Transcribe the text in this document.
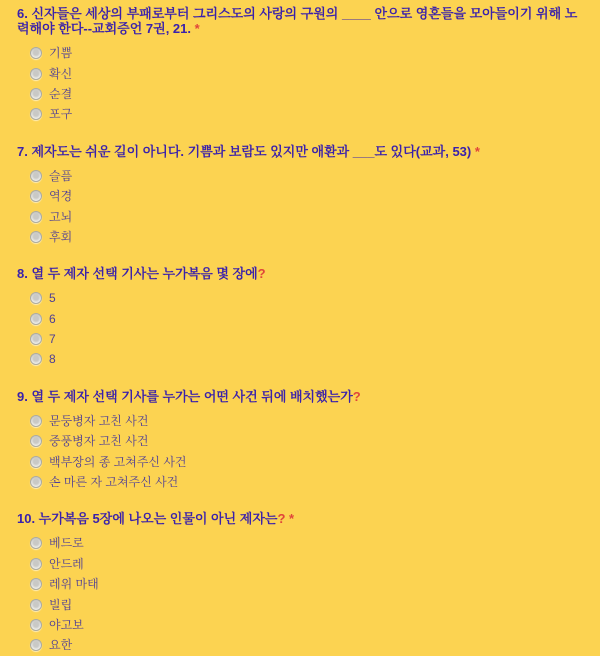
6. 신자들은 세상의 부패로부터 그리스도의 사랑의 구원의 ____ 안으로 영혼들을 모아들이기 위해 노력해야 한다--교회증언 7권, 21. *
기쁨
확신
순결
포구
7. 제자도는 쉬운 길이 아니다. 기쁨과 보람도 있지만 애환과 ___도 있다(교과, 53) *
슬픔
역경
고뇌
후회
8. 열 두 제자 선택 기사는 누가복음 몇 장에?
5
6
7
8
9. 열 두 제자 선택 기사를 누가는 어떤 사건 뒤에 배치했는가?
문둥병자 고친 사건
중풍병자 고친 사건
백부장의 종 고쳐주신 사건
손 마른 자 고쳐주신 사건
10. 누가복음 5장에 나오는 인물이 아닌 제자는? *
베드로
안드레
레위 마태
빌립
야고보
요한
